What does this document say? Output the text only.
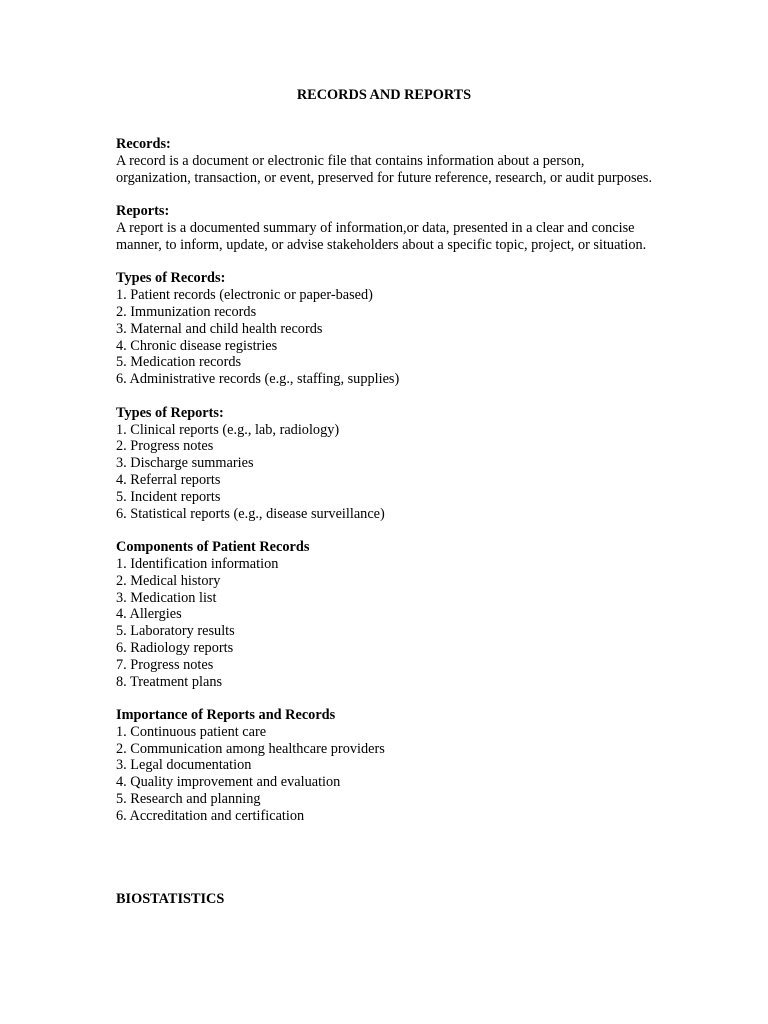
RECORDS AND REPORTS
Records:

A record is a document or electronic file that contains information about a person, organization, transaction, or event, preserved for future reference, research, or audit purposes.

Reports:

A report is a documented summary of information,or data, presented in a clear and concise manner, to inform, update, or advise stakeholders about a specific topic, project, or situation.

Types of Records:
1. Patient records (electronic or paper-based)
2. Immunization records
3. Maternal and child health records
4. Chronic disease registries
5. Medication records
6. Administrative records (e.g., staffing, supplies)
Types of Reports:
1. Clinical reports (e.g., lab, radiology)
2. Progress notes
3. Discharge summaries
4. Referral reports
5. Incident reports
6. Statistical reports (e.g., disease surveillance)
Components of Patient Records
1. Identification information
2. Medical history
3. Medication list
4. Allergies
5. Laboratory results
6. Radiology reports
7. Progress notes
8. Treatment plans
Importance of Reports and Records
1. Continuous patient care
2. Communication among healthcare providers
3. Legal documentation
4. Quality improvement and evaluation
5. Research and planning
6. Accreditation and certification
BIOSTATISTICS
